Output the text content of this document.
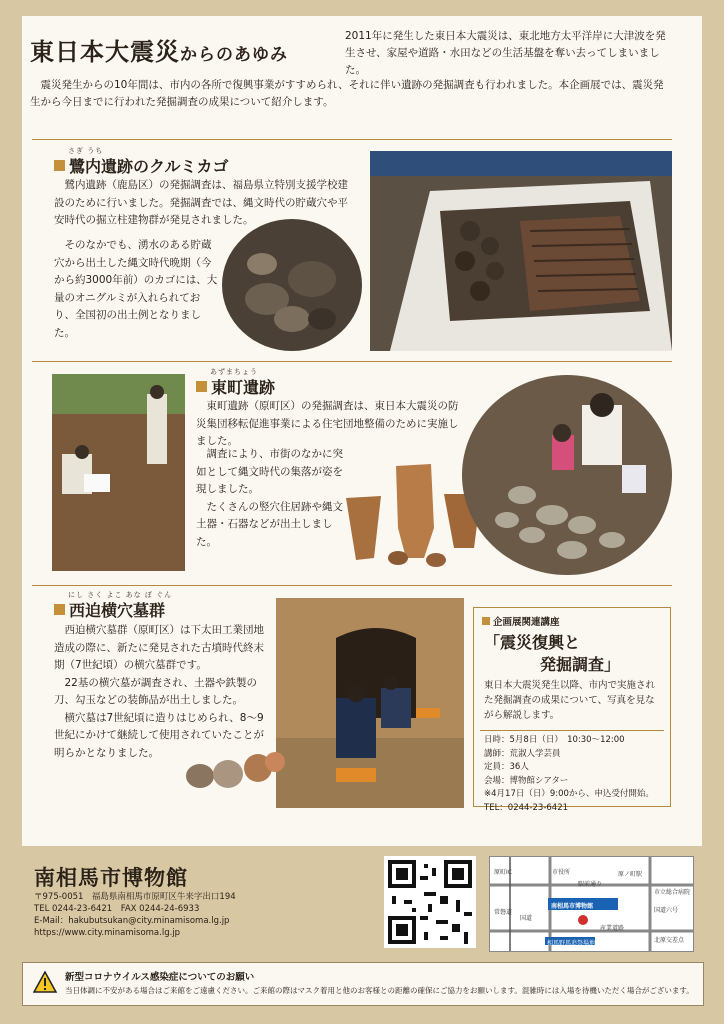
東日本大震災からのあゆみ
2011年に発生した東日本大震災は、東北地方太平洋岸に大津波を発生させ、家屋や道路・水田などの生活基盤を奪い去ってしまいました。
震災発生からの10年間は、市内の各所で復興事業がすすめられ、それに伴い遺跡の発掘調査も行われました。本企画展では、震災発生から今日までに行われた発掘調査の成果について紹介します。
さぎ うち
鷺内遺跡のクルミカゴ

鷺内遺跡（鹿島区）の発掘調査は、福島県立特別支援学校建設のために行いました。発掘調査では、縄文時代の貯蔵穴や平安時代の掘立柱建物群が発見されました。

そのなかでも、湧水のある貯蔵穴から出土した縄文時代晩期（今から約3000年前）のカゴには、大量のオニグルミが入れられており、全国初の出土例となりました。

あずまちょう
東町遺跡

東町遺跡（原町区）の発掘調査は、東日本大震災の防災集団移転促進事業による住宅団地整備のために実施しました。

調査により、市街のなかに突如として縄文時代の集落が姿を現しました。

たくさんの竪穴住居跡や縄文土器・石器などが出土しました。

にし さく よこ あな ぼ ぐん
西迫横穴墓群

西迫横穴墓群（原町区）は下太田工業団地造成の際に、新たに発見された古墳時代終末期（7世紀頃）の横穴墓群です。

22基の横穴墓が調査され、土器や鉄製の刀、勾玉などの装飾品が出土しました。

横穴墓は7世紀頃に造りはじめられ、8～9世紀にかけて継続して使用されていたことが明らかとなりました。

企画展関連講座
「震災復興と
発掘調査」
東日本大震災発生以降、市内で実施された発掘調査の成果について、写真を見ながら解説します。
日時：5月8日（日）　10:30～12:00
講師：荒淑人学芸員
定員：36人
会場：博物館シアター
※4月17日（日）9:00から、申込受付開始。
TEL：0244-23-6421
南相馬市博物館
〒975-0051　福島県南相馬市原町区牛来字出口194
TEL 0244-23-6421　FAX 0244-24-6933
E-Mail：hakubutsukan@city.minamisoma.lg.jp
https://www.city.minamisoma.lg.jp
市役所
駅前通り
原ノ町駅
市立総合病院
南相馬市博物館
産業道路
国道六号
北原交差点
相馬野馬追祭場地
常磐道
原町IC
国道
新型コロナウイルス感染症についてのお願い
当日体調に不安がある場合はご来館をご遠慮ください。ご来館の際はマスク着用と他のお客様との距離の確保にご協力をお願いします。混雑時には入場を待機いただく場合がございます。
